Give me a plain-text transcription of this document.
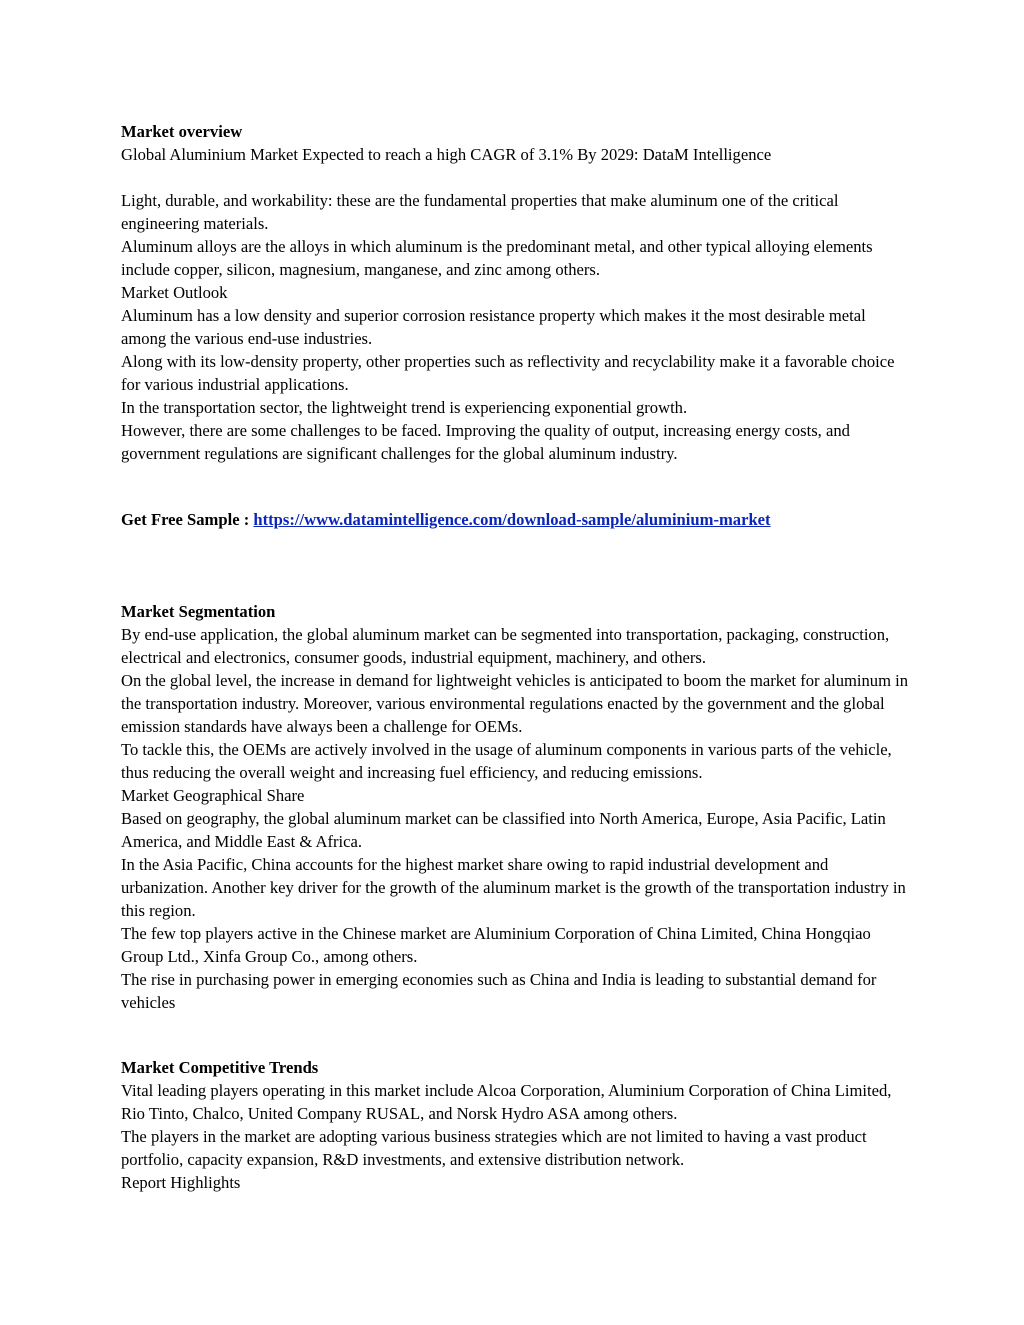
Market overview

Global Aluminium Market Expected to reach a high CAGR of 3.1% By 2029: DataM Intelligence

Light, durable, and workability: these are the fundamental properties that make aluminum one of the critical engineering materials.

Aluminum alloys are the alloys in which aluminum is the predominant metal, and other typical alloying elements include copper, silicon, magnesium, manganese, and zinc among others.

Market Outlook

Aluminum has a low density and superior corrosion resistance property which makes it the most desirable metal among the various end-use industries.

Along with its low-density property, other properties such as reflectivity and recyclability make it a favorable choice for various industrial applications.

In the transportation sector, the lightweight trend is experiencing exponential growth.

However, there are some challenges to be faced. Improving the quality of output, increasing energy costs, and government regulations are significant challenges for the global aluminum industry.

Get Free Sample : https://www.datamintelligence.com/download-sample/aluminium-market

Market Segmentation

By end-use application, the global aluminum market can be segmented into transportation, packaging, construction, electrical and electronics, consumer goods, industrial equipment, machinery, and others.

On the global level, the increase in demand for lightweight vehicles is anticipated to boom the market for aluminum in the transportation industry. Moreover, various environmental regulations enacted by the government and the global emission standards have always been a challenge for OEMs.

To tackle this, the OEMs are actively involved in the usage of aluminum components in various parts of the vehicle, thus reducing the overall weight and increasing fuel efficiency, and reducing emissions.

Market Geographical Share

Based on geography, the global aluminum market can be classified into North America, Europe, Asia Pacific, Latin America, and Middle East & Africa.

In the Asia Pacific, China accounts for the highest market share owing to rapid industrial development and urbanization. Another key driver for the growth of the aluminum market is the growth of the transportation industry in this region.

The few top players active in the Chinese market are Aluminium Corporation of China Limited, China Hongqiao Group Ltd., Xinfa Group Co., among others.

The rise in purchasing power in emerging economies such as China and India is leading to substantial demand for vehicles

Market Competitive Trends

Vital leading players operating in this market include Alcoa Corporation, Aluminium Corporation of China Limited, Rio Tinto, Chalco, United Company RUSAL, and Norsk Hydro ASA among others.

The players in the market are adopting various business strategies which are not limited to having a vast product portfolio, capacity expansion, R&D investments, and extensive distribution network.

Report Highlights
